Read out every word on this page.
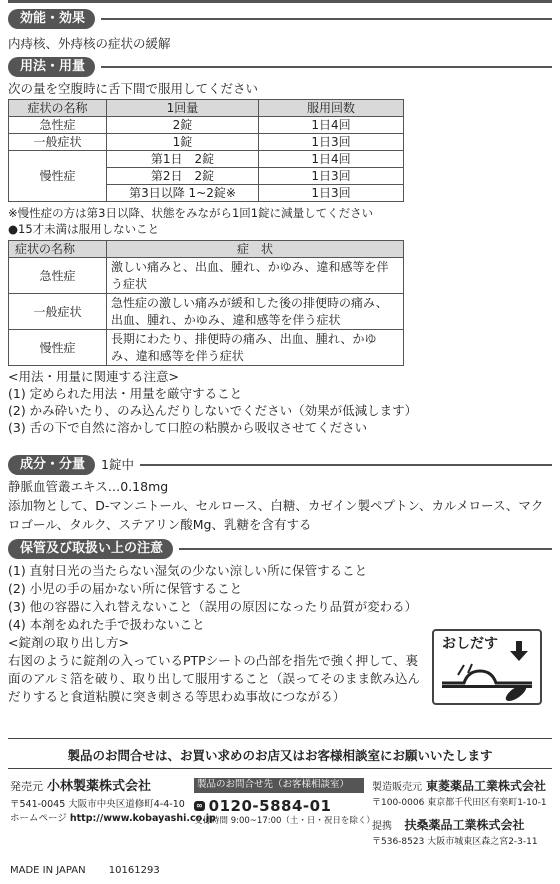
効能・効果
内痔核、外痔核の症状の緩解
用法・用量
次の量を空腹時に舌下間で服用してください
症状の名称	1回量	服用回数
急性症	2錠	1日4回
一般症状	1錠	1日3回
慢性症	第1日　2錠	1日4回
	第2日　2錠	1日3回
	第3日以降 1~2錠※	1日3回
※慢性症の方は第3日以降、状態をみながら1回1錠に減量してください
●15才未満は服用しないこと
症状の名称	症　状
急性症	激しい痛みと、出血、腫れ、かゆみ、違和感等を伴う症状
一般症状	急性症の激しい痛みが緩和した後の排便時の痛み、出血、腫れ、かゆみ、違和感等を伴う症状
慢性症	長期にわたり、排便時の痛み、出血、腫れ、かゆみ、違和感等を伴う症状
<用法・用量に関連する注意>
(1) 定められた用法・用量を厳守すること
(2) かみ砕いたり、のみ込んだりしないでください（効果が低減します）
(3) 舌の下で自然に溶かして口腔の粘膜から吸収させてください
成分・分量	1錠中
静脈血管叢エキス…0.18mg
添加物として、D-マンニトール、セルロース、白糖、カゼイン製ペプトン、カルメロース、マクロゴール、タルク、ステアリン酸Mg、乳糖を含有する
保管及び取扱い上の注意
(1) 直射日光の当たらない湿気の少ない涼しい所に保管すること
(2) 小児の手の届かない所に保管すること
(3) 他の容器に入れ替えないこと（誤用の原因になったり品質が変わる）
(4) 本剤をぬれた手で扱わないこと
<錠剤の取り出し方>
右図のように錠剤の入っているPTPシートの凸部を指先で強く押して、裏面のアルミ箔を破り、取り出して服用すること（誤ってそのまま飲み込んだりすると食道粘膜に突き刺さる等思わぬ事故につながる）
おしだす
製品のお問合せは、お買い求めのお店又はお客様相談室にお願いいたします
発売元 小林製薬株式会社
〒541-0045 大阪市中央区道修町4-4-10
ホームページ http://www.kobayashi.co.jp
製品のお問合せ先（お客様相談室）
∞ 0120-5884-01
受付時間 9:00~17:00（土・日・祝日を除く）
製造販売元 東菱薬品工業株式会社
〒100-0006 東京都千代田区有楽町1-10-1
提携　 扶桑薬品工業株式会社
〒536-8523 大阪市城東区森之宮2-3-11
MADE IN JAPAN 10161293
